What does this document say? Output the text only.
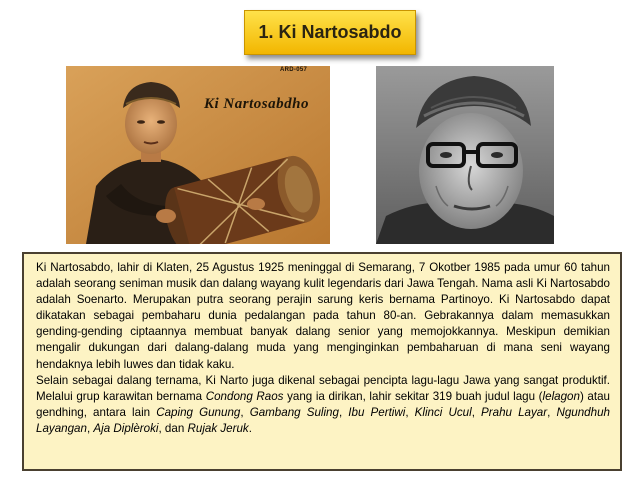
1. Ki Nartosabdo
ARD-057
Ki Nartosabdho

Ki Nartosabdo, lahir di Klaten, 25 Agustus 1925 meninggal di Semarang, 7 Okotber 1985 pada umur 60 tahun adalah seorang seniman musik dan dalang wayang kulit legendaris dari Jawa Tengah. Nama asli Ki Nartosabdo adalah Soenarto. Merupakan putra seorang perajin sarung keris bernama Partinoyo. Ki Nartosabdo dapat dikatakan sebagai pembaharu dunia pedalangan pada tahun 80-an. Gebrakannya dalam memasukkan gending-gending ciptaannya membuat banyak dalang senior yang memojokkannya. Meskipun demikian mengalir dukungan dari dalang-dalang muda yang menginginkan pembaharuan di mana seni wayang hendaknya lebih luwes dan tidak kaku.

Selain sebagai dalang ternama, Ki Narto juga dikenal sebagai pencipta lagu-lagu Jawa yang sangat produktif. Melalui grup karawitan bernama Condong Raos yang ia dirikan, lahir sekitar 319 buah judul lagu (lelagon) atau gendhing, antara lain Caping Gunung, Gambang Suling, Ibu Pertiwi, Klinci Ucul, Prahu Layar, Ngundhuh Layangan, Aja Diplèroki, dan Rujak Jeruk.
